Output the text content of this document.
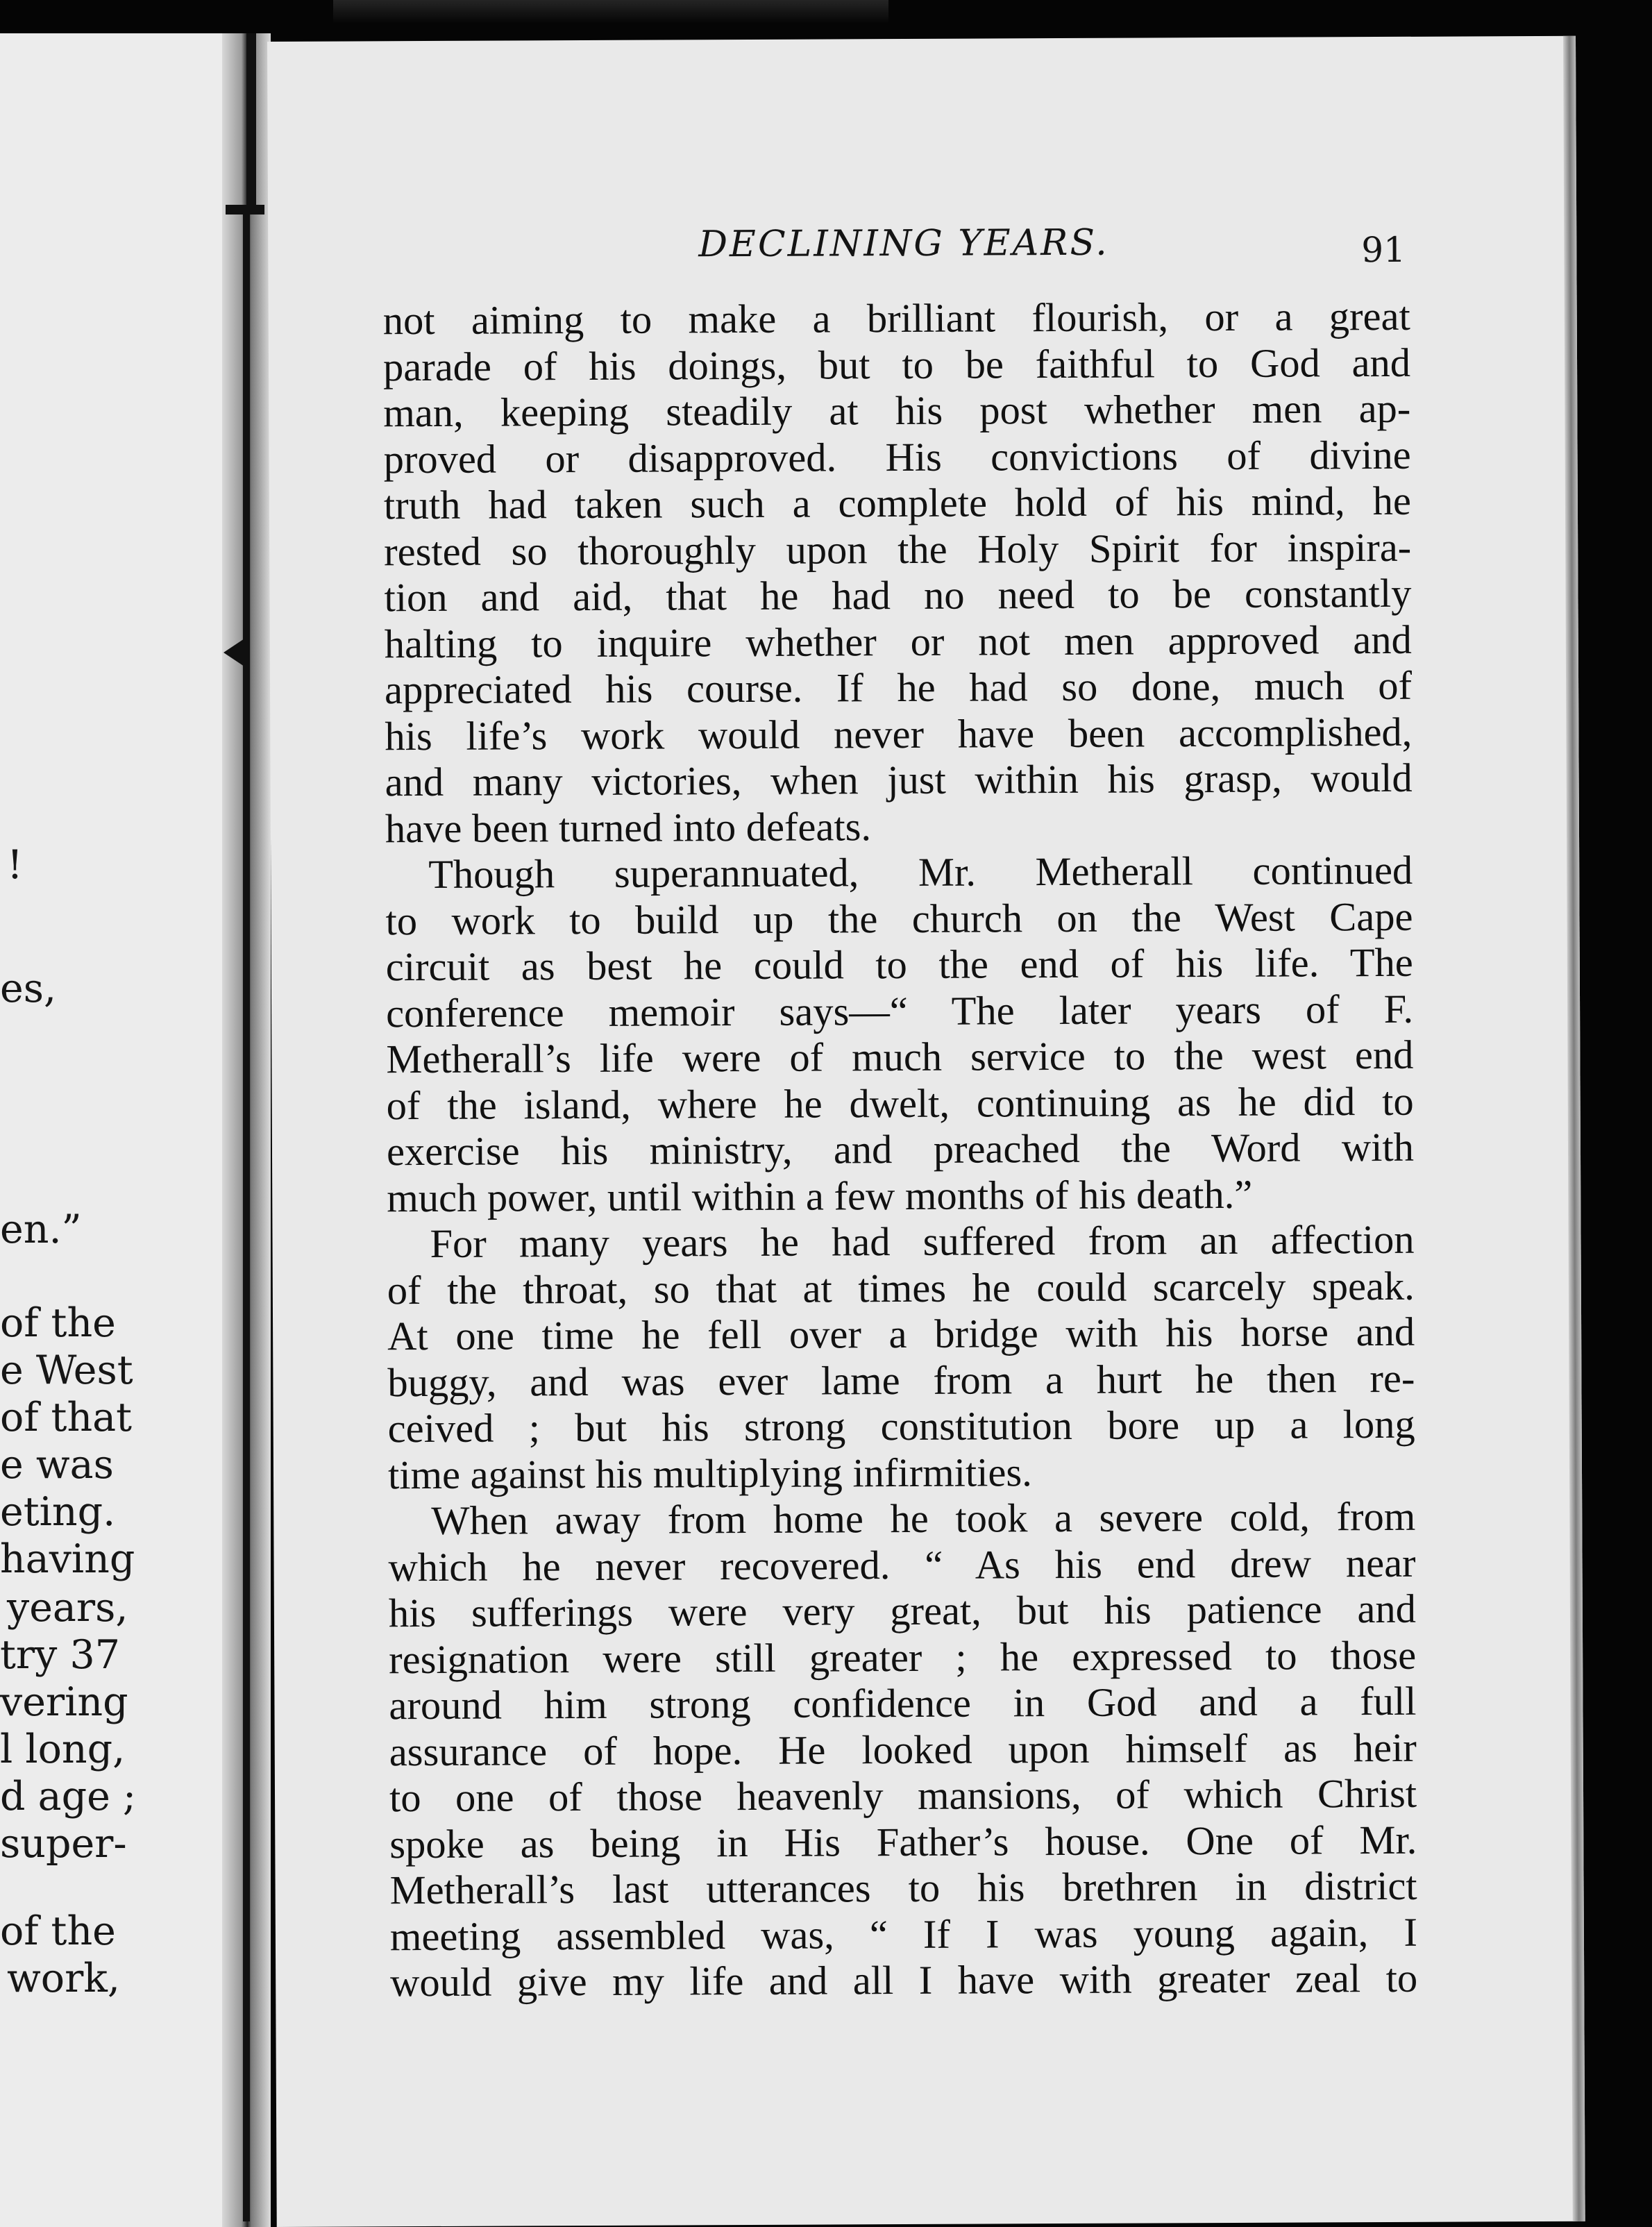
!
es,
en.”
of the
e West
of that
e was
eting.
having
years,
try 37
vering
l long,
d age ;
super-
of the
work,
DECLINING YEARS.	91
not aiming to make a brilliant flourish, or a great
parade of his doings, but to be faithful to God and
man, keeping steadily at his post whether men ap-
proved or disapproved. His convictions of divine
truth had taken such a complete hold of his mind, he
rested so thoroughly upon the Holy Spirit for inspira-
tion and aid, that he had no need to be constantly
halting to inquire whether or not men approved and
appreciated his course. If he had so done, much of
his life’s work would never have been accomplished,
and many victories, when just within his grasp, would
have been turned into defeats.
Though superannuated, Mr. Metherall continued
to work to build up the church on the West Cape
circuit as best he could to the end of his life. The
conference memoir says—“ The later years of F.
Metherall’s life were of much service to the west end
of the island, where he dwelt, continuing as he did to
exercise his ministry, and preached the Word with
much power, until within a few months of his death.”
For many years he had suffered from an affection
of the throat, so that at times he could scarcely speak.
At one time he fell over a bridge with his horse and
buggy, and was ever lame from a hurt he then re-
ceived ; but his strong constitution bore up a long
time against his multiplying infirmities.
When away from home he took a severe cold, from
which he never recovered. “ As his end drew near
his sufferings were very great, but his patience and
resignation were still greater ; he expressed to those
around him strong confidence in God and a full
assurance of hope. He looked upon himself as heir
to one of those heavenly mansions, of which Christ
spoke as being in His Father’s house. One of Mr.
Metherall’s last utterances to his brethren in district
meeting assembled was, “ If I was young again, I
would give my life and all I have with greater zeal to
